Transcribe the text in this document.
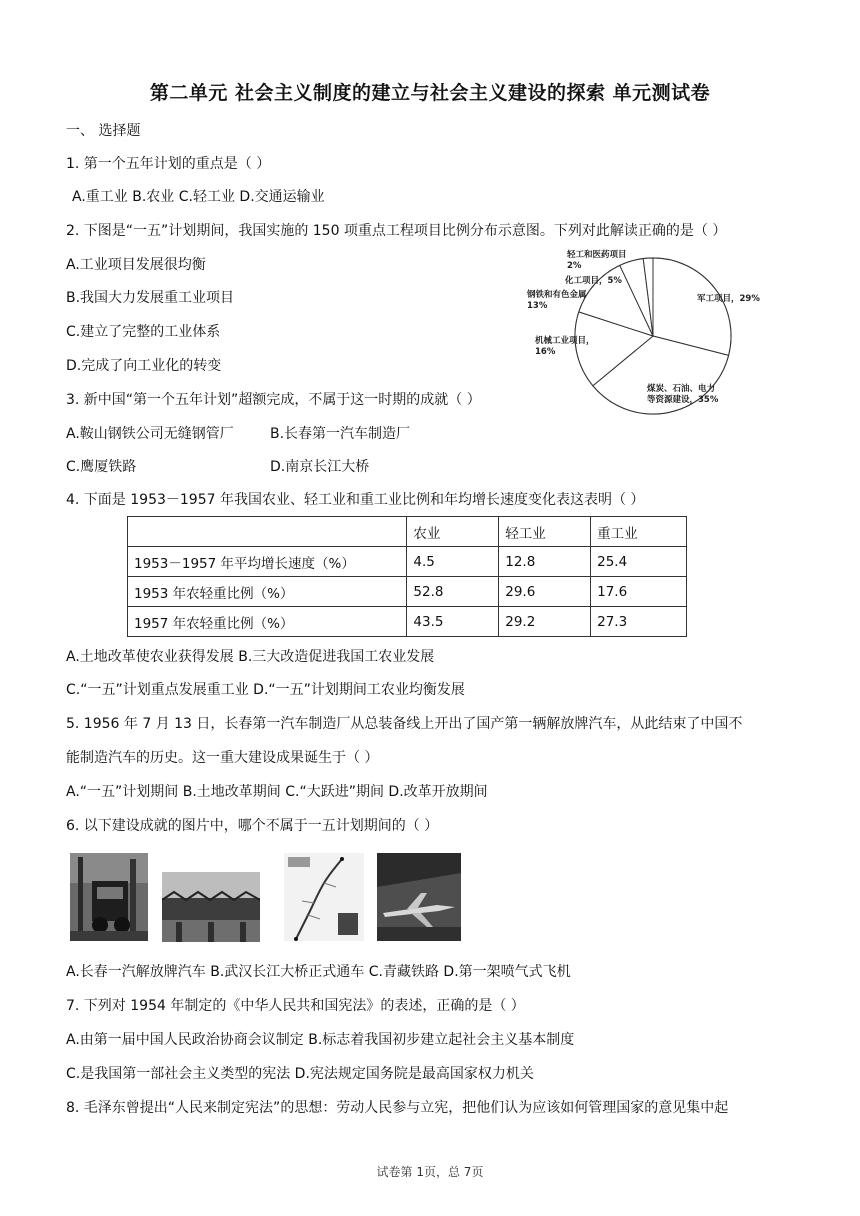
第二单元 社会主义制度的建立与社会主义建设的探索 单元测试卷
一、 选择题
1. 第一个五年计划的重点是（ ）
A.重工业 B.农业 C.轻工业 D.交通运输业
2. 下图是“一五”计划期间，我国实施的 150 项重点工程项目比例分布示意图。下列对此解读正确的是（ ）
A.工业项目发展很均衡
B.我国大力发展重工业项目
C.建立了完整的工业体系
D.完成了向工业化的转变
轻工和医药项目
2%
化工项目，5%
钢铁和有色金属
13%
军工项目，29%
机械工业项目，
16%
煤炭、石油、电力
等资源建设，35%
3. 新中国“第一个五年计划”超额完成，不属于这一时期的成就（ ）
A.鞍山钢铁公司无缝钢管厂	B.长春第一汽车制造厂
C.鹰厦铁路	D.南京长江大桥
4. 下面是 1953－1957 年我国农业、轻工业和重工业比例和年均增长速度变化表这表明（ ）
	农业	轻工业	重工业
1953－1957 年平均增长速度（%）	4.5	12.8	25.4
1953 年农轻重比例（%）	52.8	29.6	17.6
1957 年农轻重比例（%）	43.5	29.2	27.3
A.土地改革使农业获得发展 B.三大改造促进我国工农业发展
C.“一五”计划重点发展重工业 D.“一五”计划期间工农业均衡发展
5. 1956 年 7 月 13 日，长春第一汽车制造厂从总装备线上开出了国产第一辆解放牌汽车，从此结束了中国不
能制造汽车的历史。这一重大建设成果诞生于（ ）
A.“一五”计划期间 B.土地改革期间 C.“大跃进”期间 D.改革开放期间
6. 以下建设成就的图片中，哪个不属于一五计划期间的（ ）
A.长春一汽解放牌汽车 B.武汉长江大桥正式通车 C.青藏铁路 D.第一架喷气式飞机
7. 下列对 1954 年制定的《中华人民共和国宪法》的表述，正确的是（ ）
A.由第一届中国人民政治协商会议制定 B.标志着我国初步建立起社会主义基本制度
C.是我国第一部社会主义类型的宪法 D.宪法规定国务院是最高国家权力机关
8. 毛泽东曾提出“人民来制定宪法”的思想：劳动人民参与立宪，把他们认为应该如何管理国家的意见集中起
试卷第 1页，总 7页
